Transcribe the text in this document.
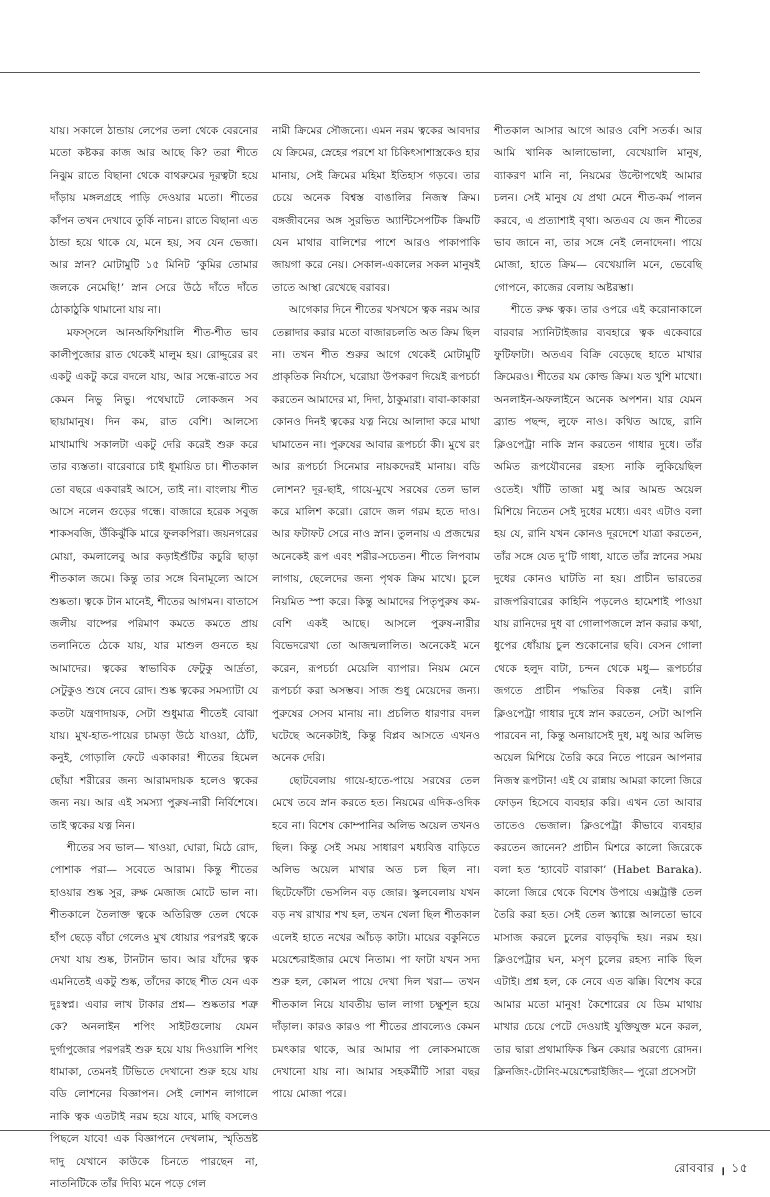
যায়। সকালে ঠান্ডায় লেপের তলা থেকে বেরনোর মতো কষ্টকর কাজ আর আছে কি? তরা শীতে নিঝুম রাতে বিছানা থেকে বাথরুমের দূরত্বটা হয়ে দাঁড়ায় মঙ্গলগ্রহে পাড়ি দেওয়ার মতো। শীতের কাঁপন তখন দেখাবে তুর্কি নাচন। রাতে বিছানা এত ঠান্ডা হয়ে থাকে যে, মনে হয়, সব যেন ভেজা। আর স্নান? মোটামুটি ১৫ মিনিট ‘কুমির তোমার জলকে নেমেছি!’ স্নান সেরে উঠে দাঁতে দাঁতে ঠোকাঠুকি থামানো যায় না।

মফস্সলে আনঅফিশিয়ালি শীত-শীত ভাব কালীপুজোর রাত থেকেই মালুম হয়। রোদ্দুরের রং একটু একটু করে বদলে যায়, আর সন্ধে-রাতে সব কেমন নিভু নিভু। পথেঘাটে লোকজন সব ছায়ামানুষ। দিন কম, রাত বেশি। আলস্যে মাখামাখি সকালটা একটু দেরি করেই শুরু করে তার ব্যস্ততা। বারেবারে চাই ধূমায়িত চা। শীতকাল তো বছরে একবারই আসে, তাই না। বাংলায় শীত আসে নলেন গুড়ের গন্ধে। বাজারে হরেক সবুজ শাকসবজি, উঁকিঝুঁকি মারে ফুলকপিরা। জয়নগরের মোয়া, কমলালেবু আর কড়াইশুঁটির কচুরি ছাড়া শীতকাল জমে। কিন্তু তার সঙ্গে বিনামূল্যে আসে শুষ্কতা। ত্বকে টান মানেই, শীতের আগমন। বাতাসে জলীয় বাষ্পের পরিমাণ কমতে কমতে প্রায় তলানিতে ঠেকে যায়, যার মাশুল গুনতে হয় আমাদের। ত্বকের স্বাভাবিক ফেটুকু আর্দ্রতা, সেটুকুও শুষে নেবে রোদ। শুষ্ক ত্বকের সমস্যাটা যে কতটা যন্ত্রণাদায়ক, সেটা শুধুমাত্র শীতেই বোঝা যায়। মুখ-হাত-পায়ের চামড়া উঠে যাওয়া, ঠোঁট, কনুই, গোড়ালি ফেটে একাকার! শীতের হিমেল ছোঁয়া শরীরের জন্য আরামদায়ক হলেও ত্বকের জন্য নয়। আর এই সমস্যা পুরুষ-নারী নির্বিশেষে। তাই ত্বকের যত্ন নিন।

শীতের সব ভাল— খাওয়া, ঘোরা, মিঠে রোদ, পোশাক পরা— সবেতে আরাম। কিন্তু শীতের হাওয়ার শুষ্ক সুর, রুক্ষ মেজাজ মোটে ভাল না। শীতকালে তৈলাক্ত ত্বকে অতিরিক্ত তেল থেকে হাঁপ ছেড়ে বাঁচা গেলেও মুখ ধোয়ার পরপরই ত্বকে দেখা যায় শুষ্ক, টানটান ভাব। আর যাঁদের ত্বক এমনিতেই একটু শুষ্ক, তাঁদের কাছে শীত যেন এক দুঃস্বপ্ন। এবার লাখ টাকার প্রশ্ন— শুষ্কতার শত্রু কে? অনলাইন শপিং সাইটগুলোয় যেমন দুর্গাপুজোর পরপরই শুরু হয়ে যায় দিওয়ালি শপিং ধামাকা, তেমনই টিভিতে দেখানো শুরু হয়ে যায় বডি লোশনের বিজ্ঞাপন। সেই লোশন লাগালে নাকি ত্বক এতটাই নরম হয়ে যাবে, মাছি বসলেও পিছলে যাবে! এক বিজ্ঞাপনে দেখলাম, স্মৃতিভ্রষ্ট দাদু যেখানে কাউকে চিনতে পারছেন না, নাতনিটিকে তাঁর দিব্যি মনে পড়ে গেল

নামী ক্রিমের সৌজন্যে। এমন নরম ত্বকের আবদার যে ক্রিমের, স্নেহের পরশে যা চিকিৎসাশাস্ত্রকেও হার মানায়, সেই ক্রিমের মহিমা ইতিহাস গড়বে। তার চেয়ে অনেক বিশ্বস্ত বাঙালির নিজস্ব ক্রিম। বঙ্গজীবনের অঙ্গ সুরভিত অ্যান্টিসেপটিক ক্রিমটি যেন মাথার বালিশের পাশে আরও পাকাপাকি জায়গা করে নেয়। সেকাল-একালের সকল মানুষই তাতে আস্থা রেখেছে বরাবর।

আগেকার দিনে শীতের খসখসে ত্বক নরম আর তেল্লাদার করার মতো বাজারচলতি অত ক্রিম ছিল না। তখন শীত শুরুর আগে থেকেই মোটামুটি প্রাকৃতিক নির্যাসে, ঘরোয়া উপকরণ দিয়েই রূপচর্চা করতেন আমাদের মা, দিদা, ঠাকুমারা। বাবা-কাকারা কোনও দিনই ত্বকের যত্ন নিয়ে আলাদা করে মাথা ঘামাতেন না। পুরুষের আবার রূপচর্চা কী। মুখে রং আর রূপচর্চা সিনেমার নায়কদেরই মানায়। বডি লোশন? দূর-ছাই, গায়ে-মুখে সরষের তেল ভাল করে মালিশ করো। রোদে জল গরম হতে দাও। আর ফটাফট সেরে নাও স্নান। তুলনায় এ প্রজন্মের অনেকেই রূপ এবং শরীর-সচেতন। শীতে লিপবাম লাগায়, ছেলেদের জন্য পৃথক ক্রিম মাখে। চুলে নিয়মিত স্পা করে। কিন্তু আমাদের পিতৃপুরুষ কম-বেশি একই আছে। আসলে পুরুষ-নারীর বিভেদরেখা তো আজন্মলালিত। অনেকেই মনে করেন, রূপচর্চা মেয়েলি ব্যাপার। নিয়ম মেনে রূপচর্চা করা অসম্ভব। সাজ শুধু মেয়েদের জন্য। পুরুষের সেসব মানায় না। প্রচলিত ধারণার বদল ঘটেছে অনেকটাই, কিন্তু বিপ্লব আসতে এখনও অনেক দেরি।

ছোটবেলায় গায়ে-হাতে-পায়ে সরষের তেল মেখে তবে স্নান করতে হত। নিয়মের এদিক-ওদিক হবে না। বিশেষ কোম্পানির অলিভ অয়েল তখনও ছিল। কিন্তু সেই সময় সাধারণ মধ্যবিত্ত বাড়িতে অলিভ অয়েল মাখার অত চল ছিল না। ছিটেফোঁটা ভেসলিন বড় জোর। স্কুলবেলায় যখন বড় নখ রাখার শখ হল, তখন খেলা ছিল শীতকাল এলেই হাতে নখের আঁচড় কাটা। মায়ের বকুনিতে ময়েশ্চেরাইজার মেখে নিতাম। পা ফাটা যখন সদ্য শুরু হল, কোমল পায়ে দেখা দিল খরা— তখন শীতকাল নিয়ে যাবতীয় ভাল লাগা চক্ষুশূল হয়ে দাঁড়াল। কারও কারও পা শীতের প্রাবল্যেও কেমন চমৎকার থাকে, আর আমার পা লোকসমাজে দেখানো যায় না। আমার সহকর্মীটি সারা বছর পায়ে মোজা পরে।

শীতকাল আসার আগে আরও বেশি সতর্ক। আর আমি খানিক আলাভোলা, বেখেয়ালি মানুষ, ব্যাকরণ মানি না, নিয়মের উল্টোপথেই আমার চলন। সেই মানুষ যে প্রথা মেনে শীত-কর্ম পালন করবে, এ প্রত্যাশাই বৃথা। অতএব যে জন শীতের ভাব জানে না, তার সঙ্গে নেই লেনাদেনা। পায়ে মোজা, হাতে ক্রিম— বেখেয়ালি মনে, ভেবেছি গোপনে, কাজের বেলায় অষ্টরম্ভা।

শীতে রুক্ষ ত্বক। তার ওপরে এই করোনাকালে বারবার স্যানিটাইজার ব্যবহারে ত্বক একেবারে ফুটিফাটা। অতএব বিক্রি বেড়েছে হাতে মাখার ক্রিমেরও। শীতের যম কোল্ড ক্রিম। যত খুশি মাখো। অনলাইন-অফলাইনে অনেক অপশন। যার যেমন ব্র্যান্ড পছন্দ, লুফে নাও। কথিত আছে, রানি ক্লিওপেট্রা নাকি স্নান করতেন গাধার দুধে। তাঁর অমিত রূপযৌবনের রহস্য নাকি লুকিয়েছিল ওতেই। খাঁটি তাজা মধু আর আমন্ড অয়েল মিশিয়ে নিতেন সেই দুধের মধ্যে। এবং এটাও বলা হয় যে, রানি যখন কোনও দূরদেশে যাত্রা করতেন, তাঁর সঙ্গে যেত দু’টি গাধা, যাতে তাঁর স্নানের সময় দুধের কোনও ঘাটতি না হয়। প্রাচীন ভারতের রাজপরিবারের কাহিনি পড়লেও হামেশাই পাওয়া যায় রানিদের দুধ বা গোলাপজলে স্নান করার কথা, ধুপের ধোঁয়ায় চুল শুকোনোর ছবি। বেসন গোলা থেকে হলুদ বাটা, চন্দন থেকে মধু— রূপচর্চার জগতে প্রাচীন পদ্ধতির বিকল্প নেই। রানি ক্লিওপেট্রা গাধার দুধে স্নান করতেন, সেটা আপনি পারবেন না, কিন্তু অনায়াসেই দুধ, মধু আর অলিভ অয়েল মিশিয়ে তৈরি করে নিতে পারেন আপনার নিজস্ব রূপটান! এই যে রান্নায় আমরা কালো জিরে ফোড়ন হিসেবে ব্যবহার করি। এখন তো আবার তাতেও ভেজাল। ক্লিওপেট্রা কীভাবে ব্যবহার করতেন জানেন? প্রাচীন মিশরে কালো জিরেকে বলা হত ‘হ্যাবেট বারাকা’ (Habet Baraka). কালো জিরে থেকে বিশেষ উপায়ে এক্সট্রাক্ট তেল তৈরি করা হত। সেই তেল স্ক্যাল্পে আলতো ভাবে মাসাজ করলে চুলের বাড়বৃদ্ধি হয়। নরম হয়। ক্লিওপেট্রার ঘন, মসৃণ চুলের রহস্য নাকি ছিল এটাই। প্রশ্ন হল, কে নেবে এত ঝক্কি। বিশেষ করে আমার মতো মানুষ! কৈশোরের যে ডিম মাথায় মাখার চেয়ে পেটে দেওয়াই যুক্তিযুক্ত মনে করল, তার দ্বারা প্রথামাফিক স্কিন কেয়ার অরণ্যে রোদন। ক্লিনজিং-টোনিং-ময়েশ্চেরাইজিং— পুরো প্রসেসটা

রোববার । ১৫
